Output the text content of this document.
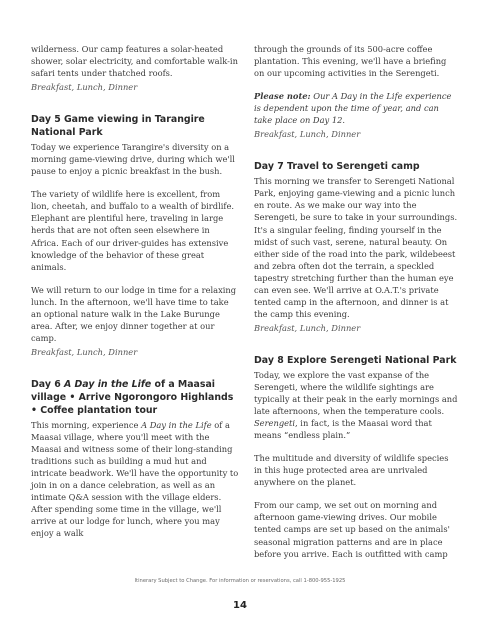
wilderness. Our camp features a solar-heated shower, solar electricity, and comfortable walk-in safari tents under thatched roofs.

Breakfast, Lunch, Dinner

Day 5 Game viewing in Tarangire National Park

Today we experience Tarangire's diversity on a morning game-viewing drive, during which we'll pause to enjoy a picnic breakfast in the bush.

The variety of wildlife here is excellent, from lion, cheetah, and buffalo to a wealth of birdlife. Elephant are plentiful here, traveling in large herds that are not often seen elsewhere in Africa. Each of our driver-guides has extensive knowledge of the behavior of these great animals.

We will return to our lodge in time for a relaxing lunch. In the afternoon, we'll have time to take an optional nature walk in the Lake Burunge area. After, we enjoy dinner together at our camp.

Breakfast, Lunch, Dinner

Day 6 A Day in the Life of a Maasai village • Arrive Ngorongoro Highlands • Coffee plantation tour

This morning, experience A Day in the Life of a Maasai village, where you'll meet with the Maasai and witness some of their long-standing traditions such as building a mud hut and intricate beadwork. We'll have the opportunity to join in on a dance celebration, as well as an intimate Q&A session with the village elders. After spending some time in the village, we'll arrive at our lodge for lunch, where you may enjoy a walk

through the grounds of its 500-acre coffee plantation. This evening, we'll have a briefing on our upcoming activities in the Serengeti.

Please note: Our A Day in the Life experience is dependent upon the time of year, and can take place on Day 12.

Breakfast, Lunch, Dinner

Day 7 Travel to Serengeti camp

This morning we transfer to Serengeti National Park, enjoying game-viewing and a picnic lunch en route. As we make our way into the Serengeti, be sure to take in your surroundings. It's a singular feeling, finding yourself in the midst of such vast, serene, natural beauty. On either side of the road into the park, wildebeest and zebra often dot the terrain, a speckled tapestry stretching further than the human eye can even see. We'll arrive at O.A.T.'s private tented camp in the afternoon, and dinner is at the camp this evening.

Breakfast, Lunch, Dinner

Day 8 Explore Serengeti National Park

Today, we explore the vast expanse of the Serengeti, where the wildlife sightings are typically at their peak in the early mornings and late afternoons, when the temperature cools. Serengeti, in fact, is the Maasai word that means “endless plain.”

The multitude and diversity of wildlife species in this huge protected area are unrivaled anywhere on the planet.

From our camp, we set out on morning and afternoon game-viewing drives. Our mobile tented camps are set up based on the animals' seasonal migration patterns and are in place before you arrive. Each is outfitted with camp

Itinerary Subject to Change. For information or reservations, call 1-800-955-1925
14
